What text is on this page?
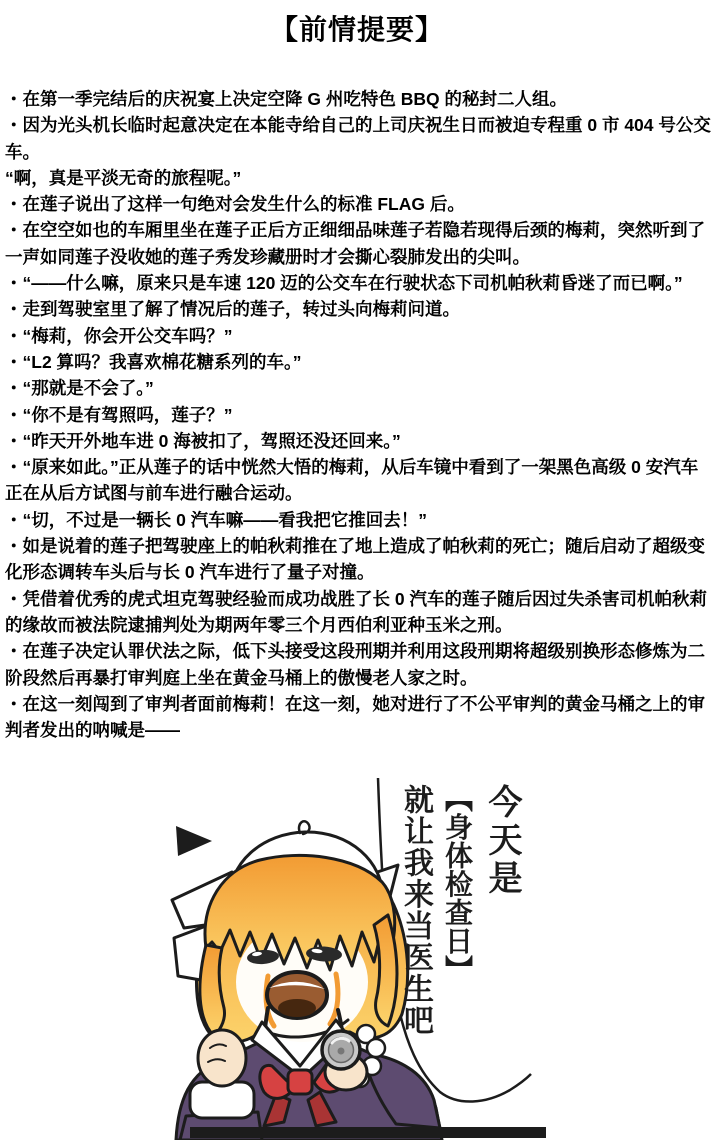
【前情提要】

・在第一季完结后的庆祝宴上决定空降 G 州吃特色 BBQ 的秘封二人组。

・因为光头机长临时起意决定在本能寺给自己的上司庆祝生日而被迫专程重 0 市 404 号公交车。

“啊，真是平淡无奇的旅程呢。”

・在莲子说出了这样一句绝对会发生什么的标准 FLAG 后。

・在空空如也的车厢里坐在莲子正后方正细细品味莲子若隐若现得后颈的梅莉，突然听到了一声如同莲子没收她的莲子秀发珍藏册时才会撕心裂肺发出的尖叫。

・“——什么嘛，原来只是车速 120 迈的公交车在行驶状态下司机帕秋莉昏迷了而已啊。”

・走到驾驶室里了解了情况后的莲子，转过头向梅莉问道。

・“梅莉，你会开公交车吗？”

・“L2 算吗？我喜欢棉花糖系列的车。”

・“那就是不会了。”

・“你不是有驾照吗，莲子？”

・“昨天开外地车进 0 海被扣了，驾照还没还回来。”

・“原来如此。”正从莲子的话中恍然大悟的梅莉，从后车镜中看到了一架黑色高级 0 安汽车正在从后方试图与前车进行融合运动。

・“切，不过是一辆长 0 汽车嘛——看我把它推回去！”

・如是说着的莲子把驾驶座上的帕秋莉推在了地上造成了帕秋莉的死亡；随后启动了超级变化形态调转车头后与长 0 汽车进行了量子对撞。

・凭借着优秀的虎式坦克驾驶经验而成功战胜了长 0 汽车的莲子随后因过失杀害司机帕秋莉的缘故而被法院逮捕判处为期两年零三个月西伯利亚种玉米之刑。

・在莲子决定认罪伏法之际，低下头接受这段刑期并利用这段刑期将超级别换形态修炼为二阶段然后再暴打审判庭上坐在黄金马桶上的傲慢老人家之时。

・在这一刻闯到了审判者面前梅莉！在这一刻，她对进行了不公平审判的黄金马桶之上的审判者发出的呐喊是——

今天是
【身体检查日】
就让我来当医生吧
